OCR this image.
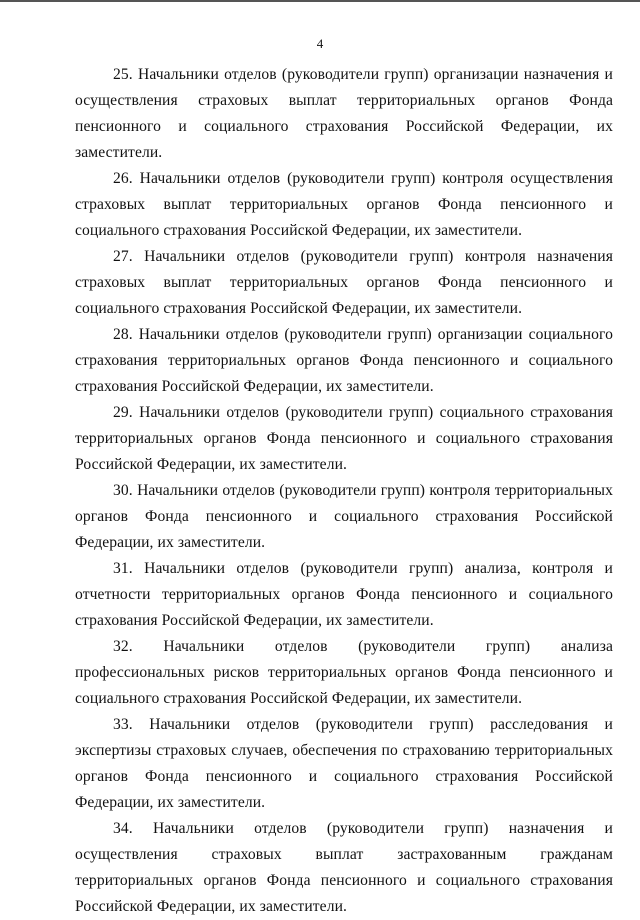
4

25. Начальники отделов (руководители групп) организации назначения и осуществления страховых выплат территориальных органов Фонда пенсионного и социального страхования Российской Федерации, их заместители.

26. Начальники отделов (руководители групп) контроля осуществления страховых выплат территориальных органов Фонда пенсионного и социального страхования Российской Федерации, их заместители.

27. Начальники отделов (руководители групп) контроля назначения страховых выплат территориальных органов Фонда пенсионного и социального страхования Российской Федерации, их заместители.

28. Начальники отделов (руководители групп) организации социального страхования территориальных органов Фонда пенсионного и социального страхования Российской Федерации, их заместители.

29. Начальники отделов (руководители групп) социального страхования территориальных органов Фонда пенсионного и социального страхования Российской Федерации, их заместители.

30. Начальники отделов (руководители групп) контроля территориальных органов Фонда пенсионного и социального страхования Российской Федерации, их заместители.

31. Начальники отделов (руководители групп) анализа, контроля и отчетности территориальных органов Фонда пенсионного и социального страхования Российской Федерации, их заместители.

32. Начальники отделов (руководители групп) анализа профессиональных рисков территориальных органов Фонда пенсионного и социального страхования Российской Федерации, их заместители.

33. Начальники отделов (руководители групп) расследования и экспертизы страховых случаев, обеспечения по страхованию территориальных органов Фонда пенсионного и социального страхования Российской Федерации, их заместители.

34. Начальники отделов (руководители групп) назначения и осуществления страховых выплат застрахованным гражданам территориальных органов Фонда пенсионного и социального страхования Российской Федерации, их заместители.
